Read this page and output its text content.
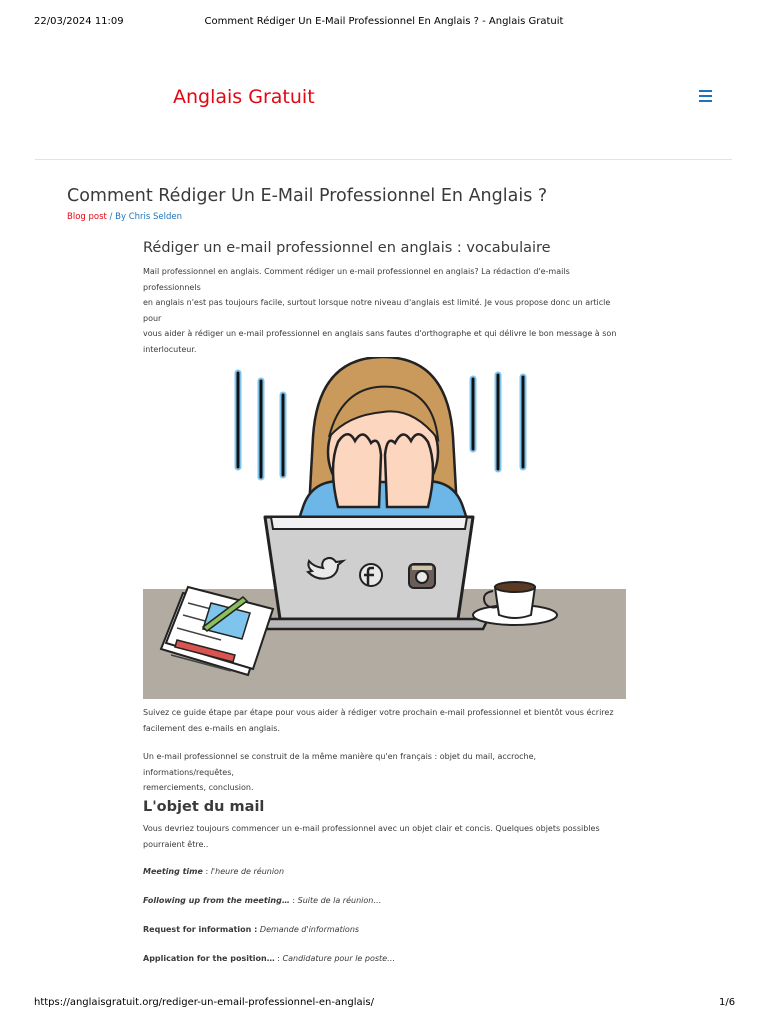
22/03/2024 11:09	Comment Rédiger Un E-Mail Professionnel En Anglais ? - Anglais Gratuit
Anglais Gratuit
Comment Rédiger Un E-Mail Professionnel En Anglais ?
Blog post / By Chris Selden
Rédiger un e-mail professionnel en anglais : vocabulaire
Mail professionnel en anglais. Comment rédiger un e-mail professionnel en anglais? La rédaction d'e-mails professionnels
en anglais n'est pas toujours facile, surtout lorsque notre niveau d'anglais est limité. Je vous propose donc un article pour
vous aider à rédiger un e-mail professionnel en anglais sans fautes d'orthographe et qui délivre le bon message à son
interlocuteur.
Suivez ce guide étape par étape pour vous aider à rédiger votre prochain e-mail professionnel et bientôt vous écrirez
facilement des e-mails en anglais.
Un e-mail professionnel se construit de la même manière qu'en français : objet du mail, accroche, informations/requêtes,
remerciements, conclusion.
L'objet du mail
Vous devriez toujours commencer un e-mail professionnel avec un objet clair et concis. Quelques objets possibles
pourraient être..
Meeting time : l'heure de réunion
Following up from the meeting… : Suite de la réunion…
Request for information : Demande d'informations
Application for the position… : Candidature pour le poste…
https://anglaisgratuit.org/rediger-un-email-professionnel-en-anglais/	1/6
